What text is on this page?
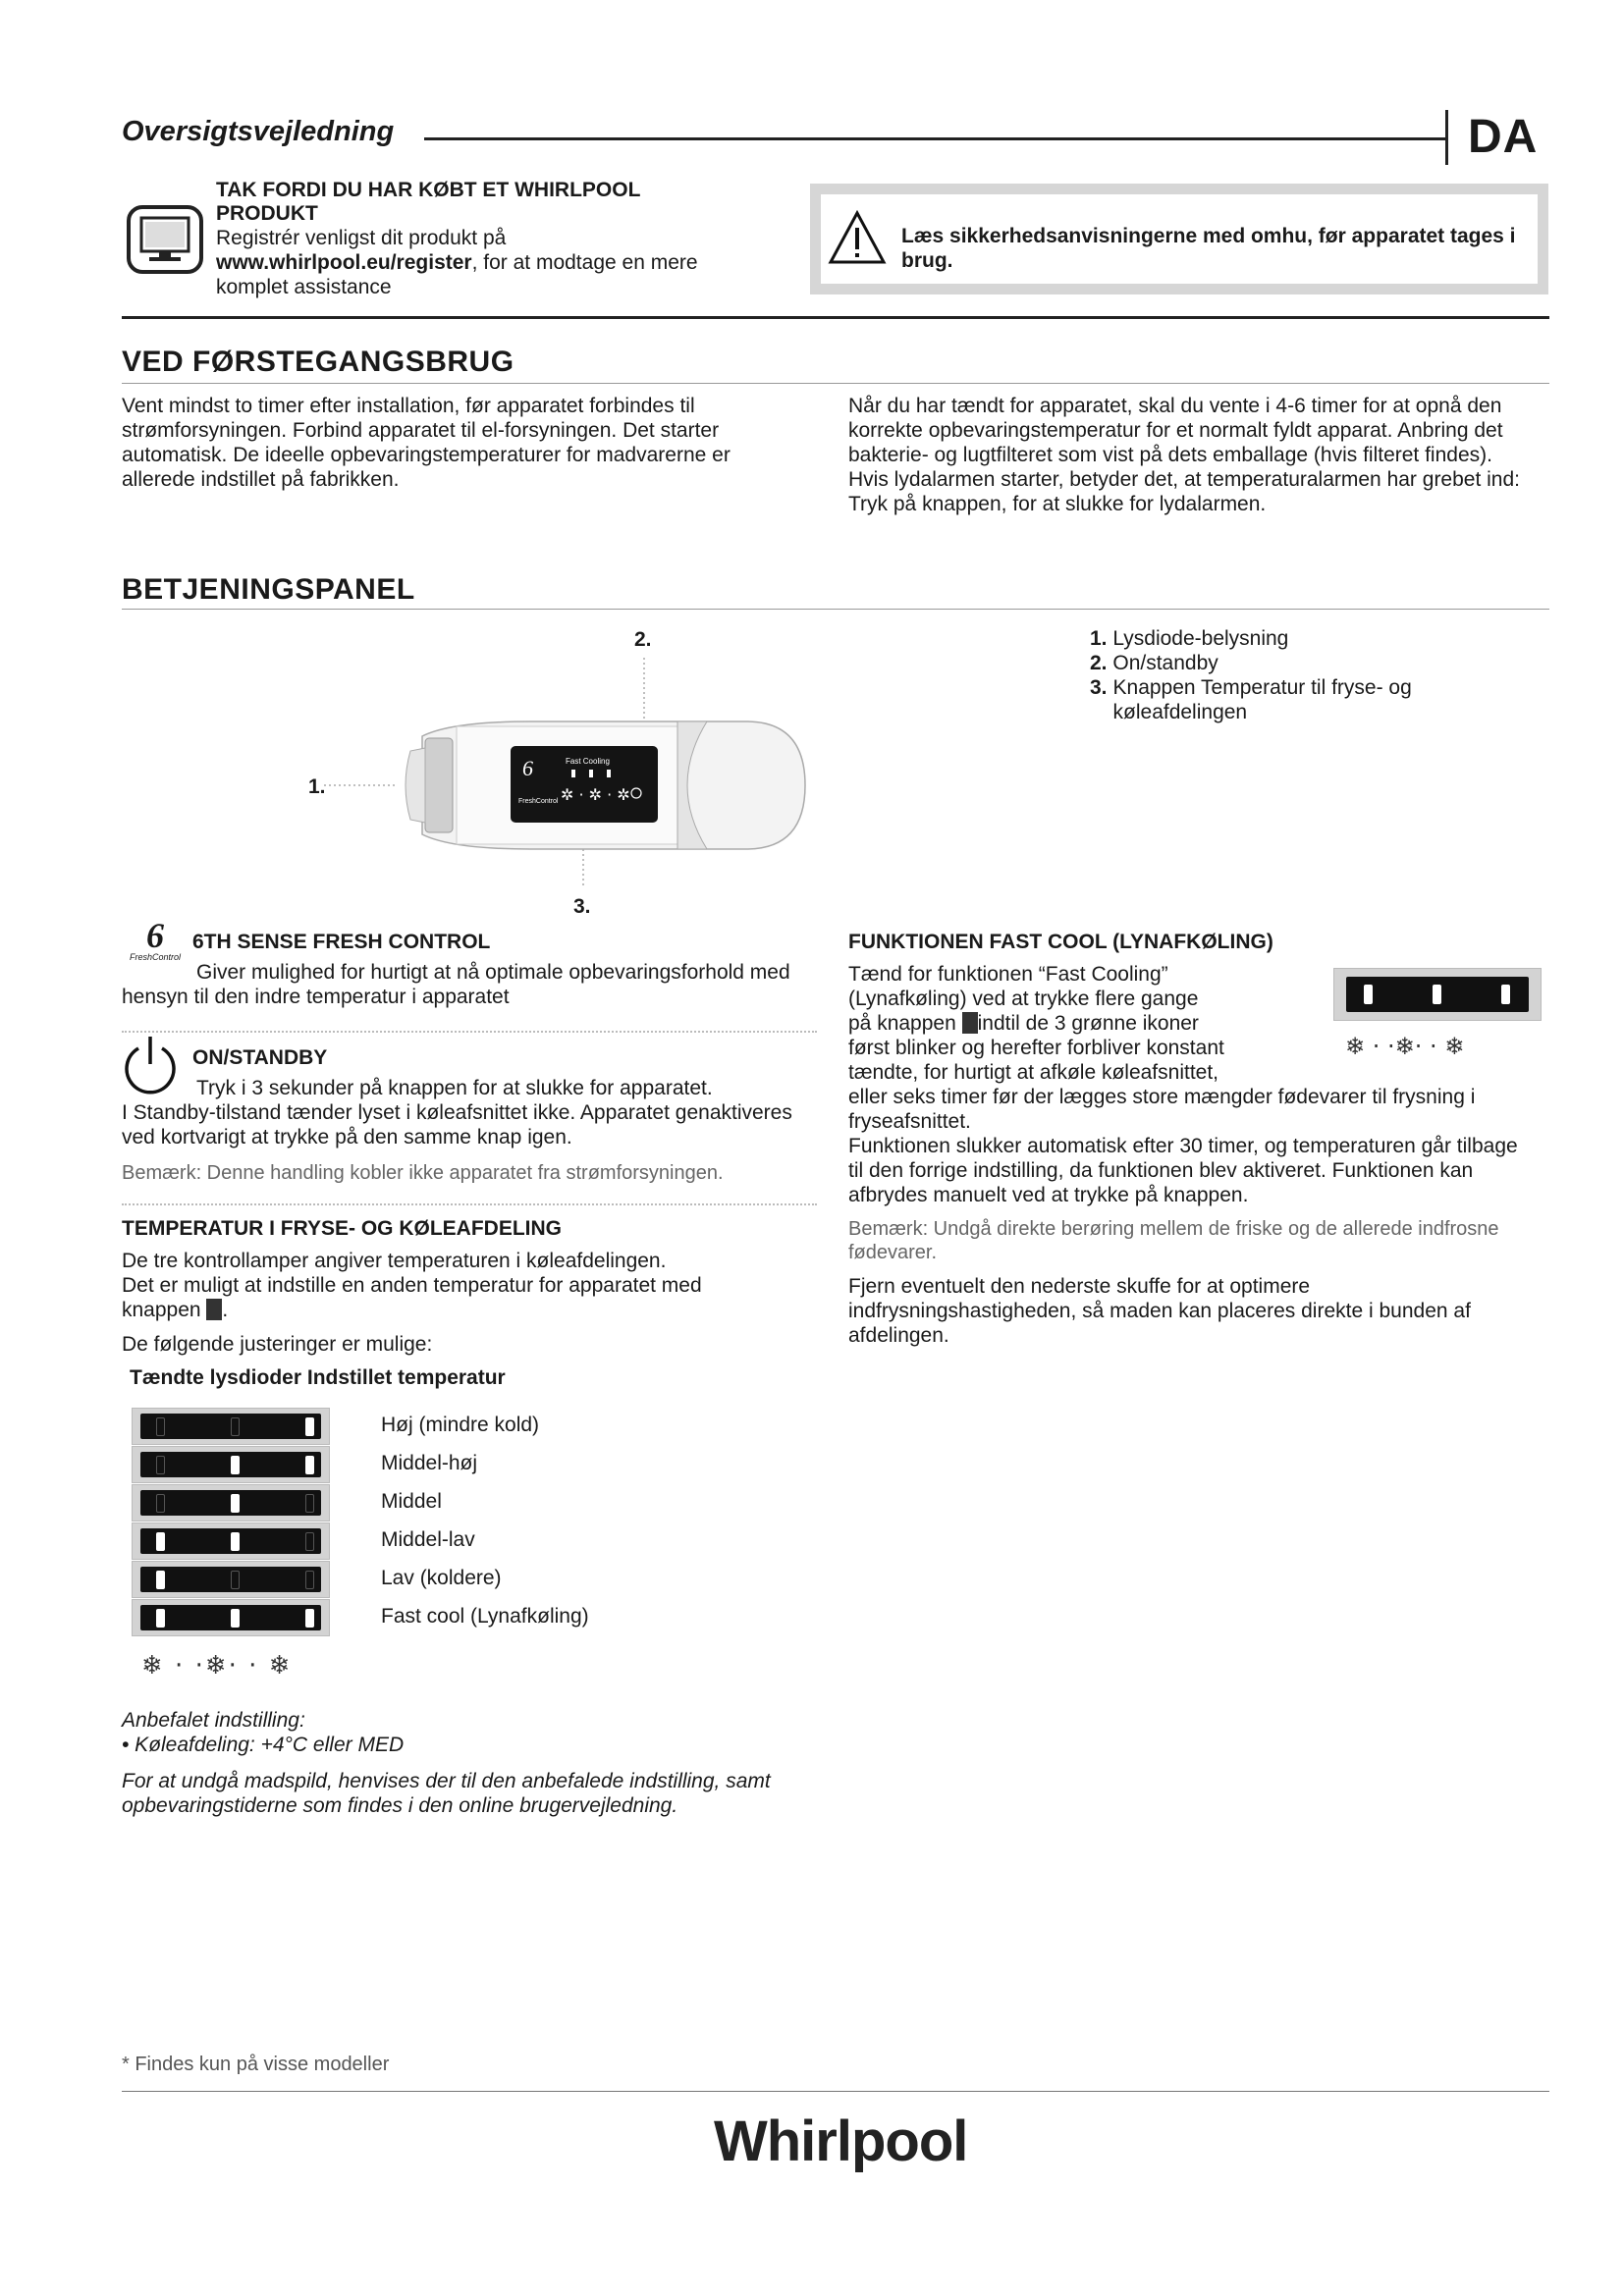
Oversigtsvejledning	DA
TAK FORDI DU HAR KØBT ET WHIRLPOOL PRODUKT
Registrér venligst dit produkt på
www.whirlpool.eu/register, for at modtage en mere komplet assistance
Læs sikkerhedsanvisningerne med omhu, før apparatet tages i brug.
VED FØRSTEGANGSBRUG
Vent mindst to timer efter installation, før apparatet forbindes til strømforsyningen. Forbind apparatet til el-forsyningen. Det starter automatisk. De ideelle opbevaringstemperaturer for madvarerne er allerede indstillet på fabrikken.
Når du har tændt for apparatet, skal du vente i 4-6 timer for at opnå den korrekte opbevaringstemperatur for et normalt fyldt apparat. Anbring det bakterie- og lugtfilteret som vist på dets emballage (hvis filteret findes). Hvis lydalarmen starter, betyder det, at temperaturalarmen har grebet ind: Tryk på knappen, for at slukke for lydalarmen.
BETJENINGSPANEL
6
FreshControl
Fast Cooling
✲ · ✲ · ✲
1.
2.
3.
1. Lysdiode-belysning
2. On/standby
3. Knappen Temperatur til fryse- og køleafdelingen
6
FreshControl
6TH SENSE FRESH CONTROL
Giver mulighed for hurtigt at nå optimale opbevaringsforhold med hensyn til den indre temperatur i apparatet
ON/STANDBY
Tryk i 3 sekunder på knappen for at slukke for apparatet.
I Standby-tilstand tænder lyset i køleafsnittet ikke. Apparatet genaktiveres ved kortvarigt at trykke på den samme knap igen.
Bemærk: Denne handling kobler ikke apparatet fra strømforsyningen.
TEMPERATUR I FRYSE- OG KØLEAFDELING
De tre kontrollamper angiver temperaturen i køleafdelingen.
Det er muligt at indstille en anden temperatur for apparatet med
knappen .
De følgende justeringer er mulige:
Tændte lysdioder Indstillet temperatur
Høj (mindre kold)
Middel-høj
Middel
Middel-lav
Lav (koldere)
Fast cool (Lynafkøling)
❄ · ·❄· · ❄
Anbefalet indstilling:
• Køleafdeling: +4°C eller MED
For at undgå madspild, henvises der til den anbefalede indstilling, samt opbevaringstiderne som findes i den online brugervejledning.
FUNKTIONEN FAST COOL (LYNAFKØLING)
Tænd for funktionen “Fast Cooling”
(Lynafkøling) ved at trykke flere gange
på knappen indtil de 3 grønne ikoner
først blinker og herefter forbliver konstant
tændte, for hurtigt at afkøle køleafsnittet,
❄ · ·❄· · ❄
eller seks timer før der lægges store mængder fødevarer til frysning i fryseafsnittet.
Funktionen slukker automatisk efter 30 timer, og temperaturen går tilbage til den forrige indstilling, da funktionen blev aktiveret. Funktionen kan afbrydes manuelt ved at trykke på knappen.
Bemærk: Undgå direkte berøring mellem de friske og de allerede indfrosne fødevarer.
Fjern eventuelt den nederste skuffe for at optimere indfrysningshastigheden, så maden kan placeres direkte i bunden af afdelingen.
* Findes kun på visse modeller
Whirlpool
